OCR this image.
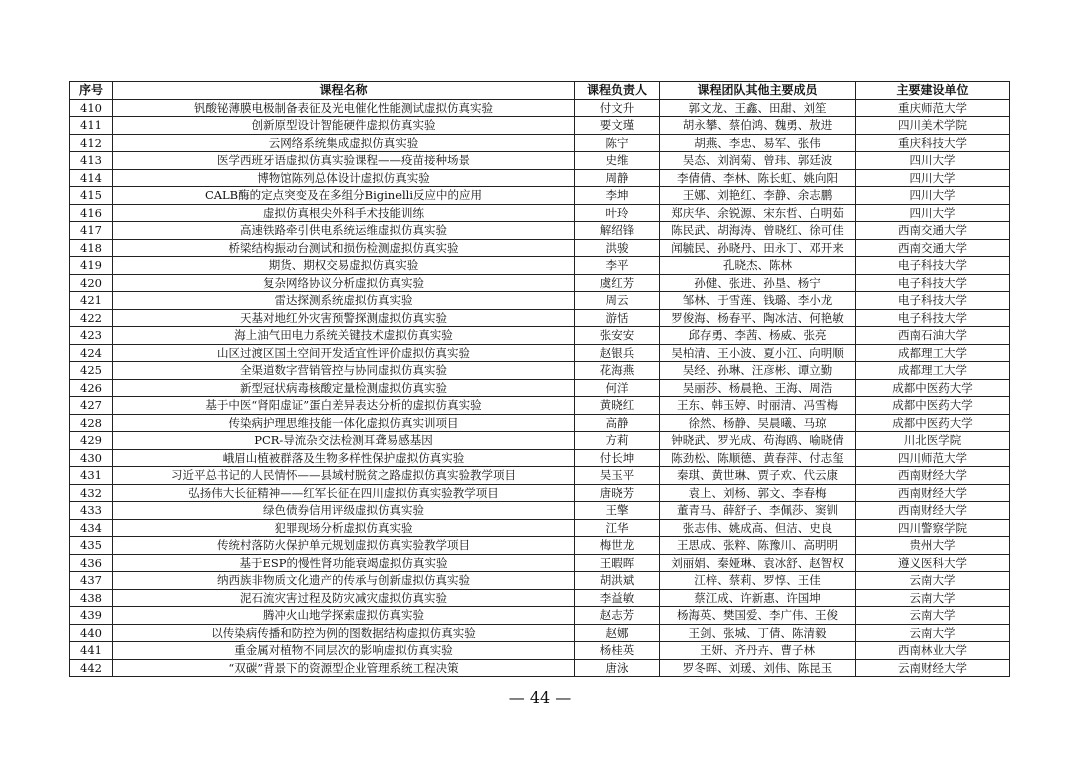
序号	课程名称	课程负责人	课程团队其他主要成员	主要建设单位
410	钒酸铋薄膜电极制备表征及光电催化性能测试虚拟仿真实验	付文升	郭文龙、王鑫、田甜、刘笙	重庆师范大学
411	创新原型设计智能硬件虚拟仿真实验	要文瑾	胡永攀、蔡伯鸿、魏勇、敖进	四川美术学院
412	云网络系统集成虚拟仿真实验	陈宁	胡燕、李忠、易军、张伟	重庆科技大学
413	医学西班牙语虚拟仿真实验课程——疫苗接种场景	史维	吴态、刘润菊、曾玮、郭廷波	四川大学
414	博物馆陈列总体设计虚拟仿真实验	周静	李倩倩、李林、陈长虹、姚向阳	四川大学
415	CALB酶的定点突变及在多组分Biginelli反应中的应用	李坤	王娜、刘艳红、李静、余志鹏	四川大学
416	虚拟仿真根尖外科手术技能训练	叶玲	郑庆华、余锐源、宋东哲、白明茹	四川大学
417	高速铁路牵引供电系统运维虚拟仿真实验	解绍锋	陈民武、胡海涛、曾晓红、徐可佳	西南交通大学
418	桥梁结构振动台测试和损伤检测虚拟仿真实验	洪骏	闻毓民、孙晓丹、田永丁、邓开来	西南交通大学
419	期货、期权交易虚拟仿真实验	李平	孔晓杰、陈林	电子科技大学
420	复杂网络协议分析虚拟仿真实验	虞红芳	孙健、张进、孙垦、杨宁	电子科技大学
421	雷达探测系统虚拟仿真实验	周云	邹林、于雪莲、钱璐、李小龙	电子科技大学
422	天基对地红外灾害预警探测虚拟仿真实验	游恬	罗俊海、杨春平、陶冰洁、何艳敏	电子科技大学
423	海上油气田电力系统关键技术虚拟仿真实验	张安安	邱存勇、李茜、杨威、张亮	西南石油大学
424	山区过渡区国土空间开发适宜性评价虚拟仿真实验	赵银兵	吴柏清、王小波、夏小江、向明顺	成都理工大学
425	全渠道数字营销管控与协同虚拟仿真实验	花海燕	吴经、孙琳、汪彦彬、谭立勤	成都理工大学
426	新型冠状病毒核酸定量检测虚拟仿真实验	何洋	吴丽莎、杨晨艳、王海、周浩	成都中医药大学
427	基于中医“肾阳虚证”蛋白差异表达分析的虚拟仿真实验	黄晓红	王东、韩玉婷、时丽清、冯雪梅	成都中医药大学
428	传染病护理思维技能一体化虚拟仿真实训项目	高静	徐然、杨静、吴晨曦、马琼	成都中医药大学
429	PCR-导流杂交法检测耳聋易感基因	方莉	钟晓武、罗光成、苟海鸥、喻晓倩	川北医学院
430	峨眉山植被群落及生物多样性保护虚拟仿真实验	付长坤	陈劲松、陈顺德、黄春萍、付志玺	四川师范大学
431	习近平总书记的人民情怀——县域村脱贫之路虚拟仿真实验教学项目	吴玉平	秦琪、黄世琳、贾子欢、代云康	西南财经大学
432	弘扬伟大长征精神——红军长征在四川虚拟仿真实验教学项目	唐晓芳	袁上、刘杨、郭文、李春梅	西南财经大学
433	绿色债券信用评级虚拟仿真实验	王擎	董青马、薛舒子、李佩莎、窦钏	西南财经大学
434	犯罪现场分析虚拟仿真实验	江华	张志伟、姚成高、但洁、史良	四川警察学院
435	传统村落防火保护单元规划虚拟仿真实验教学项目	梅世龙	王思成、张粹、陈豫川、高明明	贵州大学
436	基于ESP的慢性肾功能衰竭虚拟仿真实验	王暇晖	刘丽娟、秦娅琳、袁冰舒、赵智权	遵义医科大学
437	纳西族非物质文化遗产的传承与创新虚拟仿真实验	胡洪斌	江梓、蔡莉、罗惇、王佳	云南大学
438	泥石流灾害过程及防灾减灾虚拟仿真实验	李益敏	蔡江成、许新惠、许国坤	云南大学
439	腾冲火山地学探索虚拟仿真实验	赵志芳	杨海英、樊国爱、李广伟、王俊	云南大学
440	以传染病传播和防控为例的图数据结构虚拟仿真实验	赵娜	王剑、张城、丁倩、陈清毅	云南大学
441	重金属对植物不同层次的影响虚拟仿真实验	杨桂英	王妍、齐丹卉、曹子林	西南林业大学
442	“双碳”背景下的资源型企业管理系统工程决策	唐泳	罗冬晖、刘瑗、刘伟、陈昆玉	云南财经大学
— 44 —
